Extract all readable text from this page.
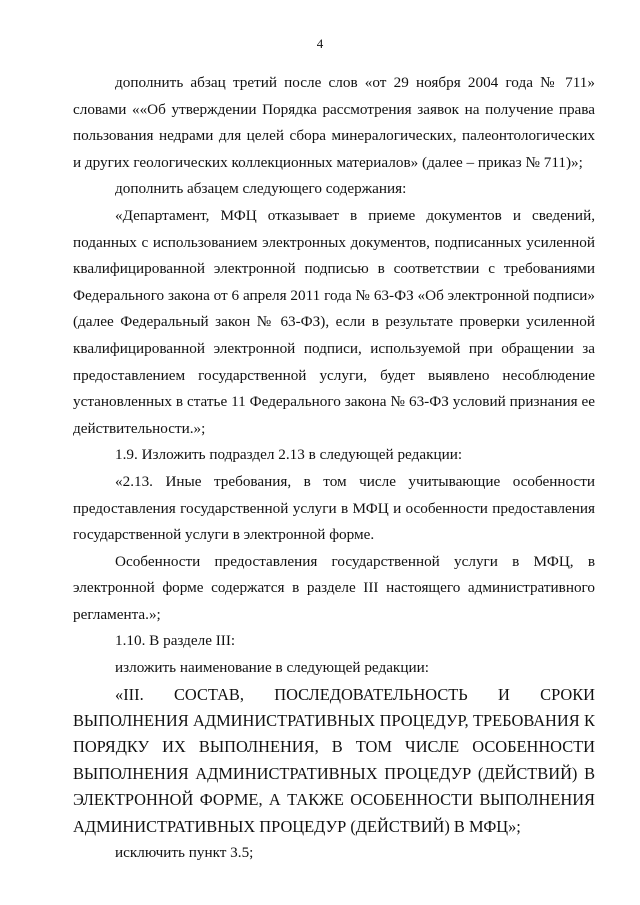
4

дополнить абзац третий после слов «от 29 ноября 2004 года № 711» словами ««Об утверждении Порядка рассмотрения заявок на получение права пользования недрами для целей сбора минералогических, палеонтологических и других геологических коллекционных материалов» (далее – приказ № 711)»;

дополнить абзацем следующего содержания:

«Департамент, МФЦ отказывает в приеме документов и сведений, поданных с использованием электронных документов, подписанных усиленной квалифицированной электронной подписью в соответствии с требованиями Федерального закона от 6 апреля 2011 года № 63-ФЗ «Об электронной подписи» (далее Федеральный закон № 63-ФЗ), если в результате проверки усиленной квалифицированной электронной подписи, используемой при обращении за предоставлением государственной услуги, будет выявлено несоблюдение установленных в статье 11 Федерального закона № 63-ФЗ условий признания ее действительности.»;

1.9. Изложить подраздел 2.13 в следующей редакции:

«2.13. Иные требования, в том числе учитывающие особенности предоставления государственной услуги в МФЦ и особенности предоставления государственной услуги в электронной форме.

Особенности предоставления государственной услуги в МФЦ, в электронной форме содержатся в разделе III настоящего административного регламента.»;

1.10. В разделе III:

изложить наименование в следующей редакции:

«III. СОСТАВ, ПОСЛЕДОВАТЕЛЬНОСТЬ И СРОКИ ВЫПОЛНЕНИЯ АДМИНИСТРАТИВНЫХ ПРОЦЕДУР, ТРЕБОВАНИЯ К ПОРЯДКУ ИХ ВЫПОЛНЕНИЯ, В ТОМ ЧИСЛЕ ОСОБЕННОСТИ ВЫПОЛНЕНИЯ АДМИНИСТРАТИВНЫХ ПРОЦЕДУР (ДЕЙСТВИЙ) В ЭЛЕКТРОННОЙ ФОРМЕ, А ТАКЖЕ ОСОБЕННОСТИ ВЫПОЛНЕНИЯ АДМИНИСТРАТИВНЫХ ПРОЦЕДУР (ДЕЙСТВИЙ) В МФЦ»;

исключить пункт 3.5;
